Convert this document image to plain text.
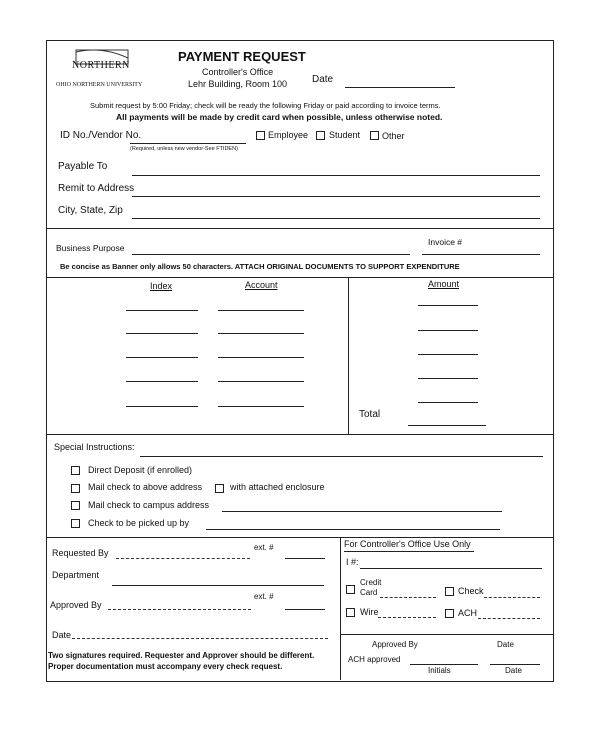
NORTHERN
OHIO NORTHERN UNIVERSITY
PAYMENT REQUEST
Controller's Office
Lehr Building, Room 100 Date
Submit request by 5:00 Friday; check will be ready the following Friday or paid according to invoice terms.
All payments will be made by credit card when possible, unless otherwise noted.
ID No./Vendor No.
(Required, unless new vendor-See FTIDEN)
Employee Student Other
Payable To
Remit to Address
City, State, Zip
Business Purpose
Invoice #
Be concise as Banner only allows 50 characters. ATTACH ORIGINAL DOCUMENTS TO SUPPORT EXPENDITURE
Index	Account	Amount
Total
Special Instructions:
Direct Deposit (if enrolled)
Mail check to above address	with attached enclosure
Mail check to campus address
Check to be picked up by
Requested By
ext. #
Department
Approved By
ext. #
Date
For Controller's Office Use Only
I #:
Credit
Card	Check
Wire	ACH
Approved By	Date
ACH approved
Initials	Date
Two signatures required. Requester and Approver should be different.
Proper documentation must accompany every check request.
